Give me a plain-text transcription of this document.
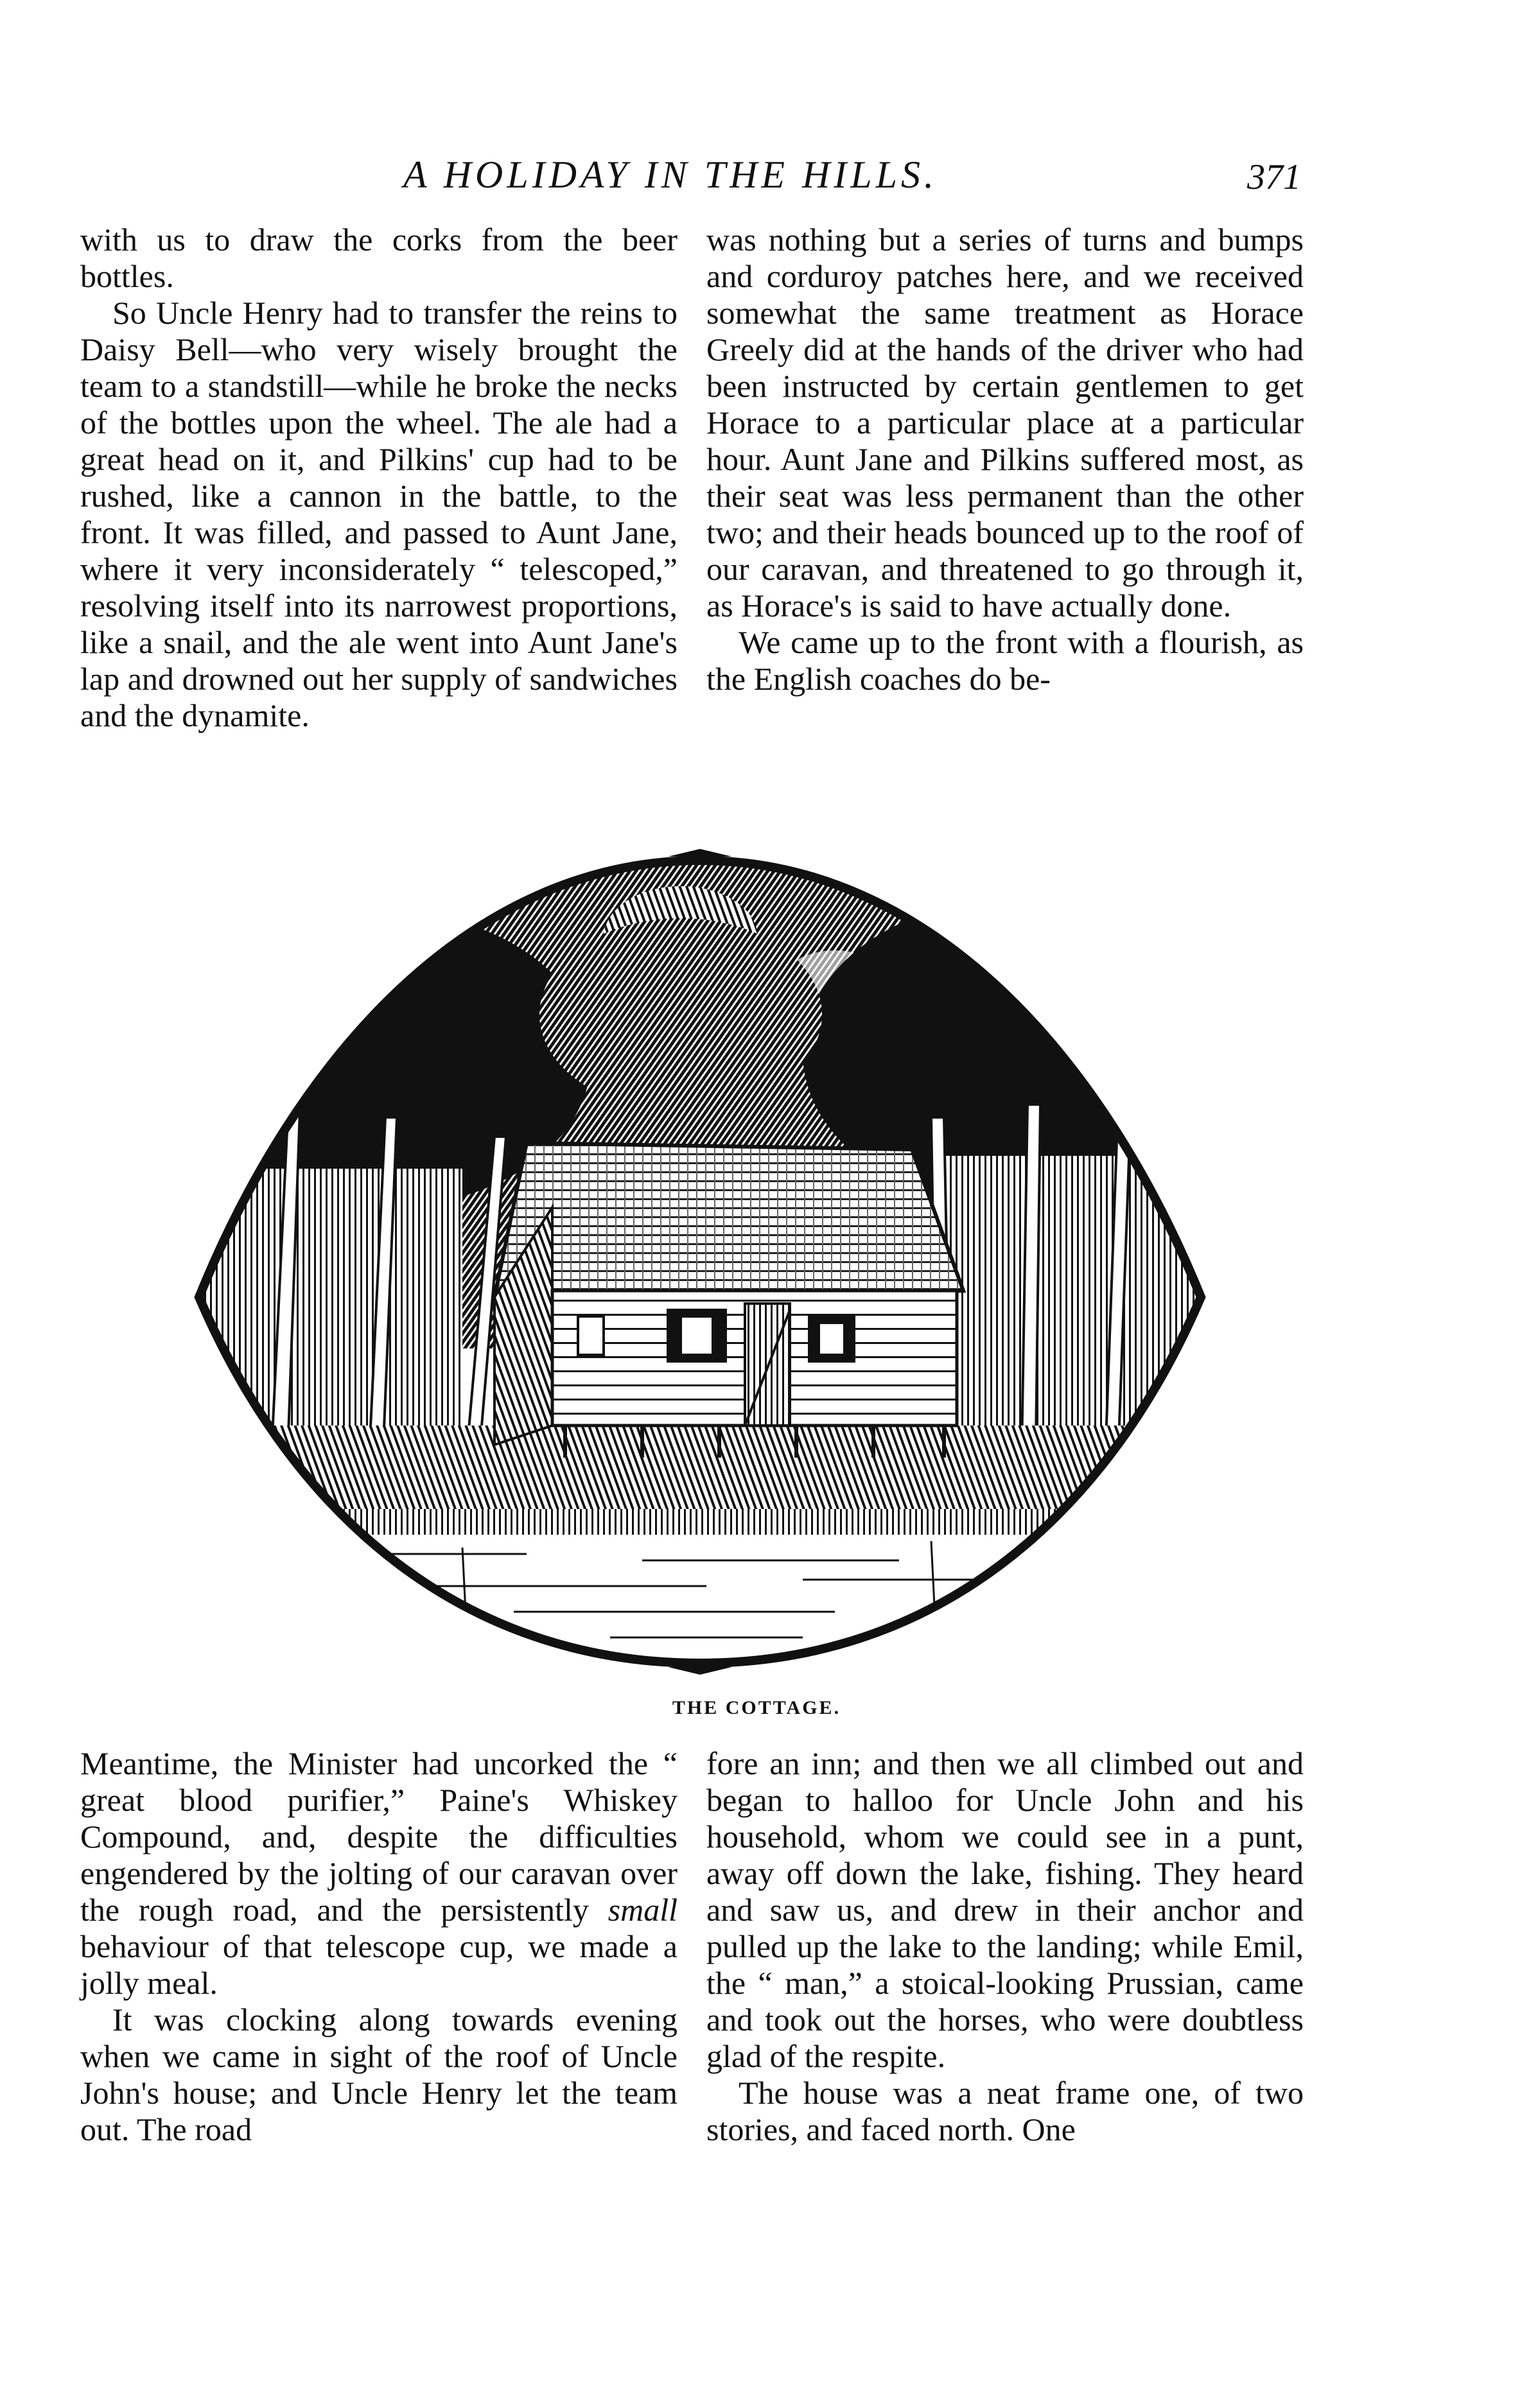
A HOLIDAY IN THE HILLS.	371

with us to draw the corks from the beer bottles.

So Uncle Henry had to transfer the reins to Daisy Bell—who very wisely brought the team to a standstill—while he broke the necks of the bottles upon the wheel. The ale had a great head on it, and Pilkins' cup had to be rushed, like a cannon in the battle, to the front. It was filled, and passed to Aunt Jane, where it very inconsiderately “ telescoped,” resolving itself into its narrowest proportions, like a snail, and the ale went into Aunt Jane's lap and drowned out her supply of sandwiches and the dynamite.

was nothing but a series of turns and bumps and corduroy patches here, and we received somewhat the same treatment as Horace Greely did at the hands of the driver who had been instructed by certain gentlemen to get Horace to a particular place at a particular hour. Aunt Jane and Pilkins suffered most, as their seat was less permanent than the other two; and their heads bounced up to the roof of our caravan, and threatened to go through it, as Horace's is said to have actually done.

We came up to the front with a flourish, as the English coaches do be-

THE COTTAGE.

Meantime, the Minister had uncorked the “ great blood purifier,” Paine's Whiskey Compound, and, despite the difficulties engendered by the jolting of our caravan over the rough road, and the persistently small behaviour of that telescope cup, we made a jolly meal.

It was clocking along towards evening when we came in sight of the roof of Uncle John's house; and Uncle Henry let the team out. The road

fore an inn; and then we all climbed out and began to halloo for Uncle John and his household, whom we could see in a punt, away off down the lake, fishing. They heard and saw us, and drew in their anchor and pulled up the lake to the landing; while Emil, the “ man,” a stoical-looking Prussian, came and took out the horses, who were doubtless glad of the respite.

The house was a neat frame one, of two stories, and faced north. One
